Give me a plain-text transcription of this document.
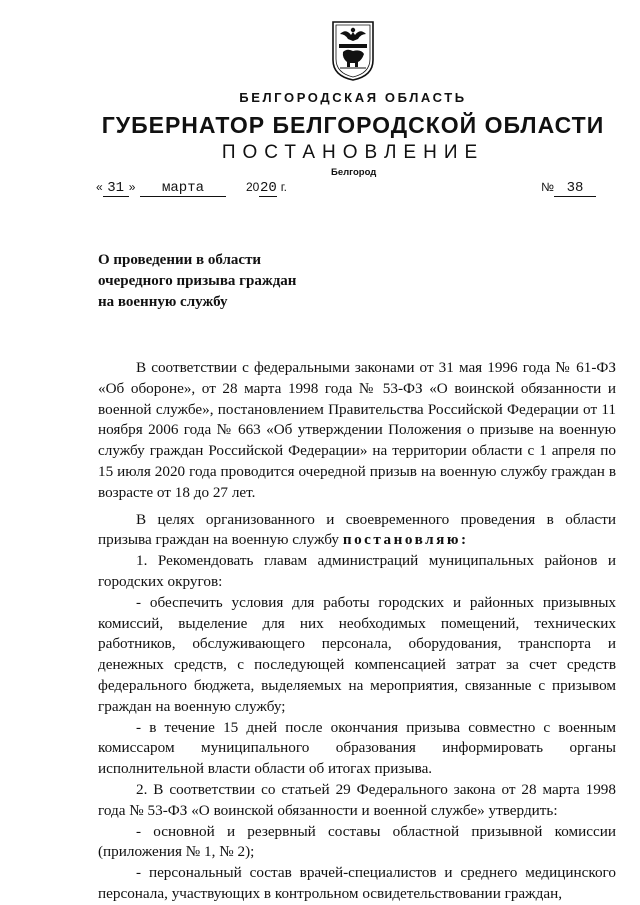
БЕЛГОРОДСКАЯ ОБЛАСТЬ
ГУБЕРНАТОР БЕЛГОРОДСКОЙ ОБЛАСТИ
ПОСТАНОВЛЕНИЕ
Белгород
« 31 »	марта	2020 г.	№ 38
О проведении в области
очередного призыва граждан
на военную службу

В соответствии с федеральными законами от 31 мая 1996 года № 61-ФЗ «Об обороне», от 28 марта 1998 года № 53-ФЗ «О воинской обязанности и военной службе», постановлением Правительства Российской Федерации от 11 ноября 2006 года № 663 «Об утверждении Положения о призыве на военную службу граждан Российской Федерации» на территории области с 1 апреля по 15 июля 2020 года проводится очередной призыв на военную службу граждан в возрасте от 18 до 27 лет.

В целях организованного и своевременного проведения в области призыва граждан на военную службу постановляю:

1. Рекомендовать главам администраций муниципальных районов и городских округов:

- обеспечить условия для работы городских и районных призывных комиссий, выделение для них необходимых помещений, технических работников, обслуживающего персонала, оборудования, транспорта и денежных средств, с последующей компенсацией затрат за счет средств федерального бюджета, выделяемых на мероприятия, связанные с призывом граждан на военную службу;

- в течение 15 дней после окончания призыва совместно с военным комиссаром муниципального образования информировать органы исполнительной власти области об итогах призыва.

2. В соответствии со статьей 29 Федерального закона от 28 марта 1998 года № 53-ФЗ «О воинской обязанности и военной службе» утвердить:

- основной и резервный составы областной призывной комиссии (приложения № 1, № 2);

- персональный состав врачей-специалистов и среднего медицинского персонала, участвующих в контрольном освидетельствовании граждан,
